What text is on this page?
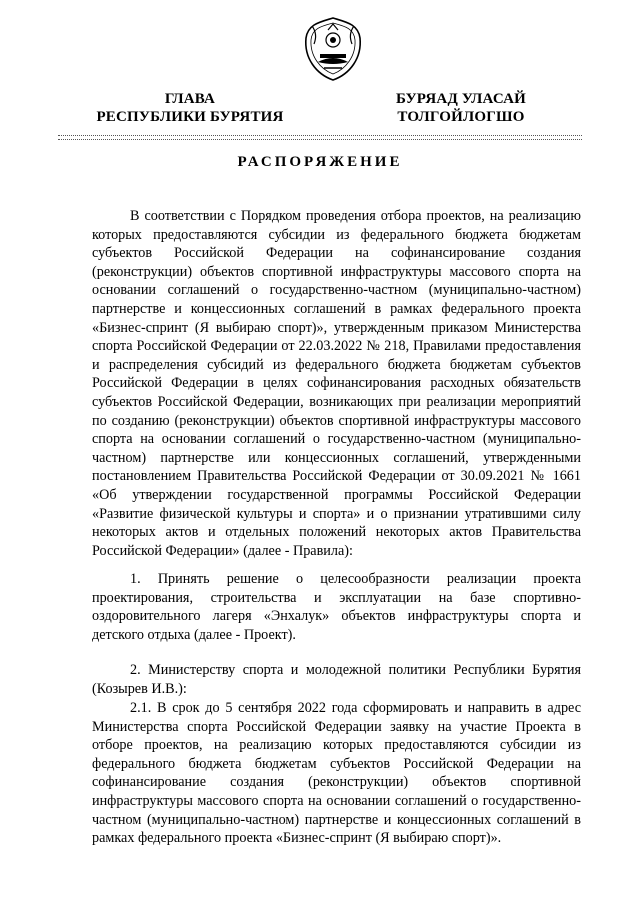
ГЛАВА
РЕСПУБЛИКИ БУРЯТИЯ
БУРЯАД УЛАСАЙ
ТОЛГОЙЛОГШО
РАСПОРЯЖЕНИЕ

В соответствии с Порядком проведения отбора проектов, на реализацию которых предоставляются субсидии из федерального бюджета бюджетам субъектов Российской Федерации на софинансирование создания (реконструкции) объектов спортивной инфраструктуры массового спорта на основании соглашений о государственно-частном (муниципально-частном) партнерстве и концессионных соглашений в рамках федерального проекта «Бизнес-спринт (Я выбираю спорт)», утвержденным приказом Министерства спорта Российской Федерации от 22.03.2022 № 218, Правилами предоставления и распределения субсидий из федерального бюджета бюджетам субъектов Российской Федерации в целях софинансирования расходных обязательств субъектов Российской Федерации, возникающих при реализации мероприятий по созданию (реконструкции) объектов спортивной инфраструктуры массового спорта на основании соглашений о государственно-частном (муниципально-частном) партнерстве или концессионных соглашений, утвержденными постановлением Правительства Российской Федерации от 30.09.2021 № 1661 «Об утверждении государственной программы Российской Федерации «Развитие физической культуры и спорта» и о признании утратившими силу некоторых актов и отдельных положений некоторых актов Правительства Российской Федерации» (далее - Правила):

1. Принять решение о целесообразности реализации проекта проектирования, строительства и эксплуатации на базе спортивно-оздоровительного лагеря «Энхалук» объектов инфраструктуры спорта и детского отдыха (далее - Проект).

2. Министерству спорта и молодежной политики Республики Бурятия (Козырев И.В.):

2.1. В срок до 5 сентября 2022 года сформировать и направить в адрес Министерства спорта Российской Федерации заявку на участие Проекта в отборе проектов, на реализацию которых предоставляются субсидии из федерального бюджета бюджетам субъектов Российской Федерации на софинансирование создания (реконструкции) объектов спортивной инфраструктуры массового спорта на основании соглашений о государственно-частном (муниципально-частном) партнерстве и концессионных соглашений в рамках федерального проекта «Бизнес-спринт (Я выбираю спорт)».
